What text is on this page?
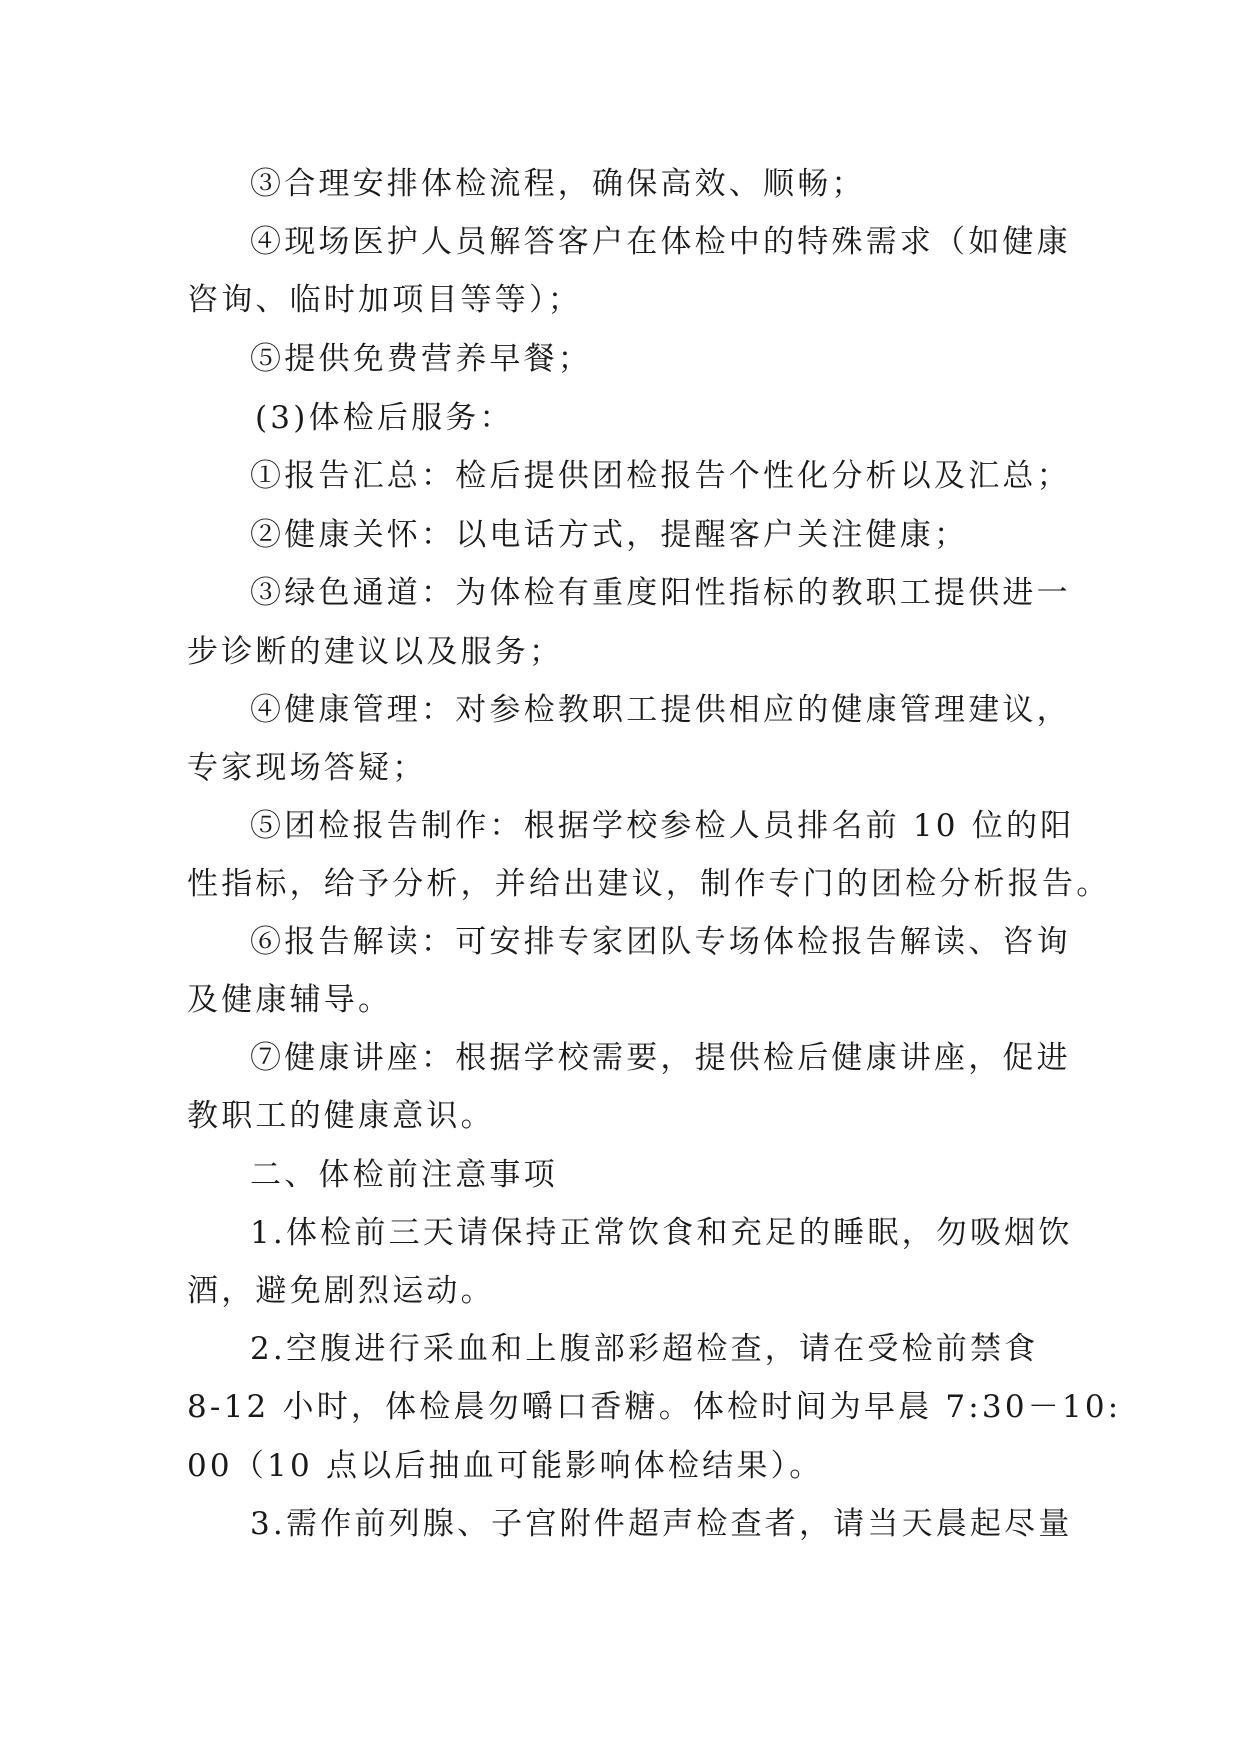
③合理安排体检流程，确保高效、顺畅；
④现场医护人员解答客户在体检中的特殊需求（如健康
咨询、临时加项目等等）；
⑤提供免费营养早餐；
(3)体检后服务：
①报告汇总：检后提供团检报告个性化分析以及汇总；
②健康关怀：以电话方式，提醒客户关注健康；
③绿色通道：为体检有重度阳性指标的教职工提供进一
步诊断的建议以及服务；
④健康管理：对参检教职工提供相应的健康管理建议，
专家现场答疑；
⑤团检报告制作：根据学校参检人员排名前 10 位的阳
性指标，给予分析，并给出建议，制作专门的团检分析报告。
⑥报告解读：可安排专家团队专场体检报告解读、咨询
及健康辅导。
⑦健康讲座：根据学校需要，提供检后健康讲座，促进
教职工的健康意识。
二、体检前注意事项
1.体检前三天请保持正常饮食和充足的睡眠，勿吸烟饮
酒，避免剧烈运动。
2.空腹进行采血和上腹部彩超检查，请在受检前禁食
8-12 小时，体检晨勿嚼口香糖。体检时间为早晨 7:30－10:
00（10 点以后抽血可能影响体检结果）。
3.需作前列腺、子宫附件超声检查者，请当天晨起尽量
